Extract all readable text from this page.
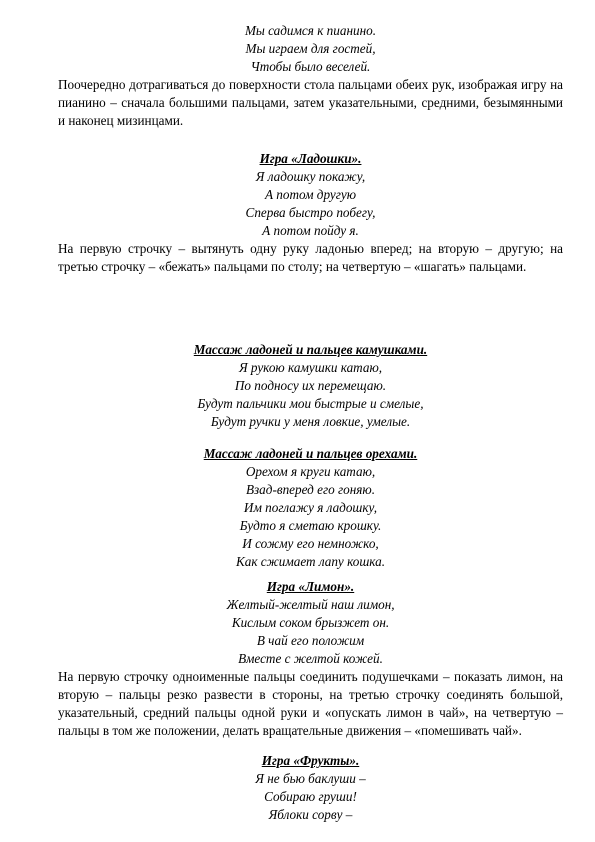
Мы садимся к пианино.

Мы играем для гостей,

Чтобы было веселей.

Поочередно дотрагиваться до поверхности стола пальцами обеих рук, изображая игру на пианино – сначала большими пальцами, затем указательными, средними, безымянными и наконец мизинцами.

Игра «Ладошки».

Я ладошку покажу,

А потом другую

Сперва быстро побегу,

А потом пойду я.

На первую строчку – вытянуть одну руку ладонью вперед; на вторую – другую; на третью строчку – «бежать» пальцами по столу; на четвертую – «шагать» пальцами.

Массаж ладоней и пальцев камушками.

Я рукою камушки катаю,

По подносу их перемещаю.

Будут пальчики мои быстрые и смелые,

Будут ручки у меня ловкие, умелые.

Массаж ладоней и пальцев орехами.

Орехом я круги катаю,

Взад-вперед его гоняю.

Им поглажу я ладошку,

Будто я сметаю крошку.

И сожму его немножко,

Как сжимает лапу кошка.

Игра «Лимон».

Желтый-желтый наш лимон,

Кислым соком брызжет он.

В чай его положим

Вместе с желтой кожей.

На первую строчку одноименные пальцы соединить подушечками – показать лимон, на вторую – пальцы резко развести в стороны, на третью строчку соединять большой, указательный, средний пальцы одной руки и «опускать лимон в чай», на четвертую – пальцы в том же положении, делать вращательные движения – «помешивать чай».

Игра «Фрукты».

Я не бью баклуши –

Собираю груши!

Яблоки сорву –
